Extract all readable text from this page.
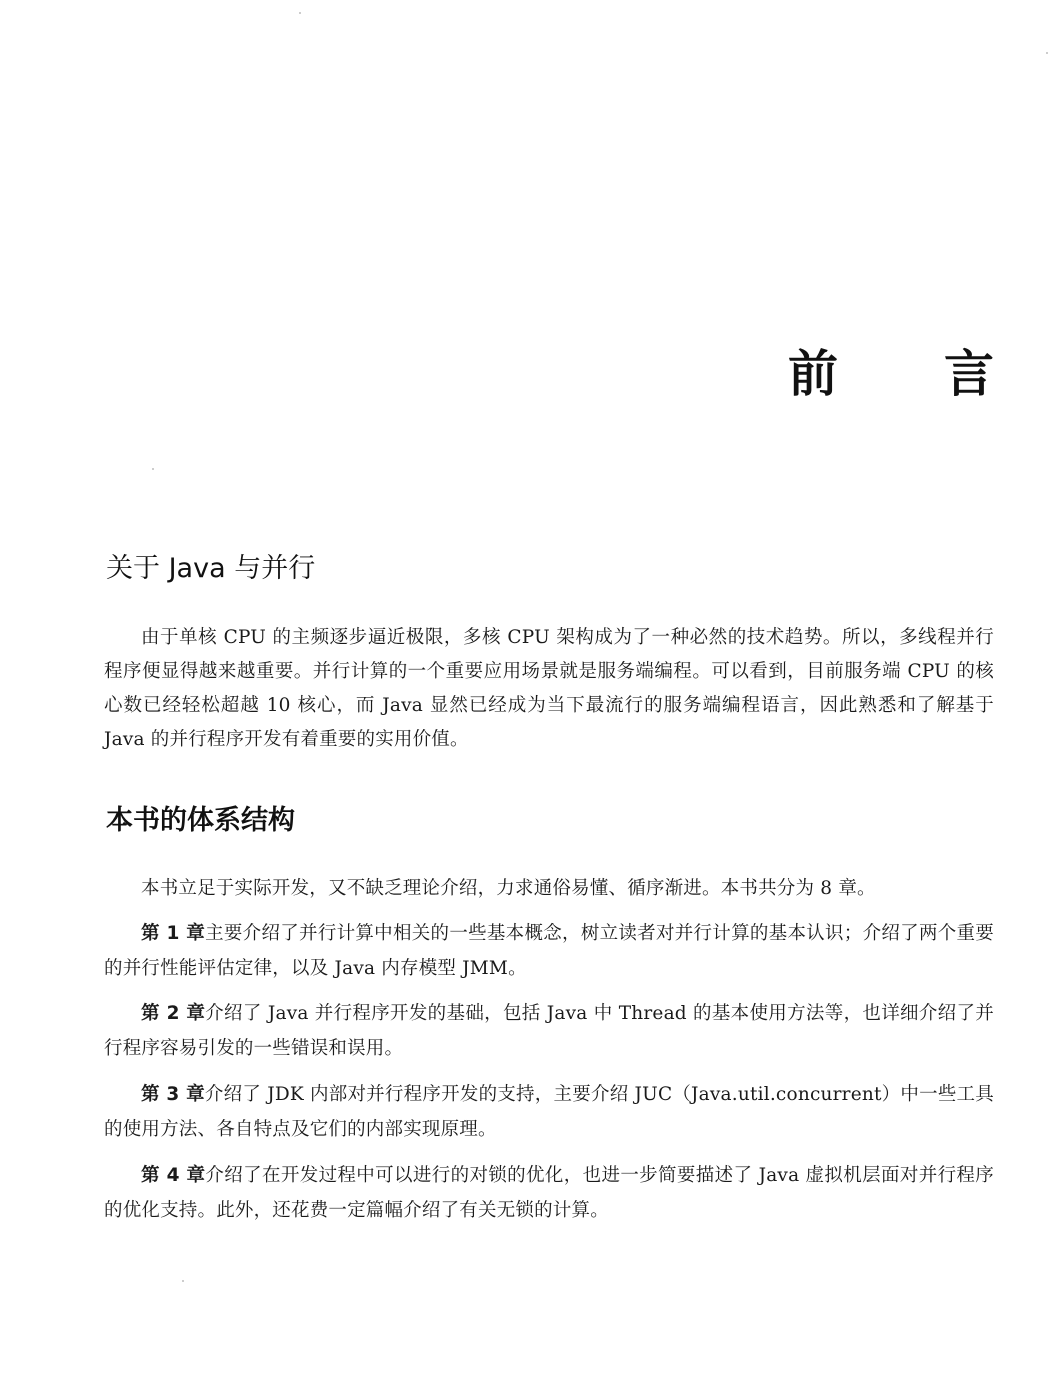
前 言
关于 Java 与并行

由于单核 CPU 的主频逐步逼近极限，多核 CPU 架构成为了一种必然的技术趋势。所以，多线程并行程序便显得越来越重要。并行计算的一个重要应用场景就是服务端编程。可以看到，目前服务端 CPU 的核心数已经轻松超越 10 核心，而 Java 显然已经成为当下最流行的服务端编程语言，因此熟悉和了解基于 Java 的并行程序开发有着重要的实用价值。

本书的体系结构

本书立足于实际开发，又不缺乏理论介绍，力求通俗易懂、循序渐进。本书共分为 8 章。

第 1 章主要介绍了并行计算中相关的一些基本概念，树立读者对并行计算的基本认识；介绍了两个重要的并行性能评估定律，以及 Java 内存模型 JMM。

第 2 章介绍了 Java 并行程序开发的基础，包括 Java 中 Thread 的基本使用方法等，也详细介绍了并行程序容易引发的一些错误和误用。

第 3 章介绍了 JDK 内部对并行程序开发的支持，主要介绍 JUC（Java.util.concurrent）中一些工具的使用方法、各自特点及它们的内部实现原理。

第 4 章介绍了在开发过程中可以进行的对锁的优化，也进一步简要描述了 Java 虚拟机层面对并行程序的优化支持。此外，还花费一定篇幅介绍了有关无锁的计算。
